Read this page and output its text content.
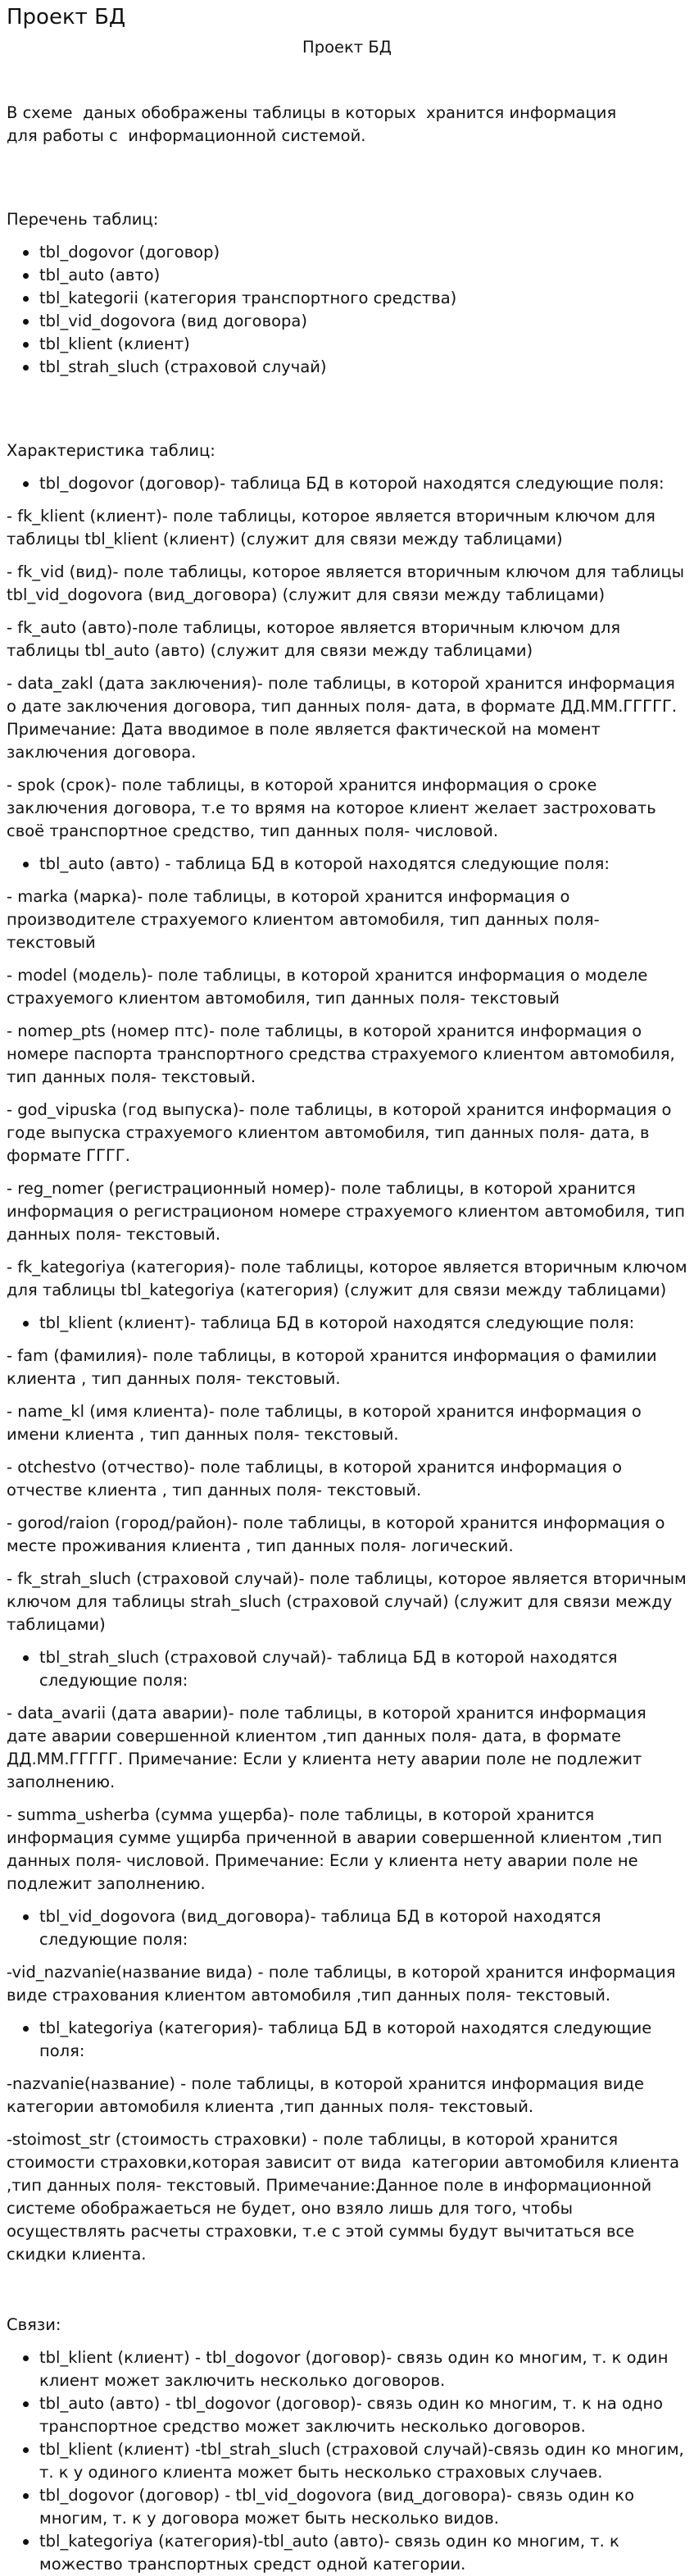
Проект БД
Проект БД

В схеме  даных обображены таблицы в которых  хранится информация
для работы с  информационной системой.

Перечень таблиц:

tbl_dogovor (договор)
tbl_auto (авто)
tbl_kategorii (категория транспортного средства)
tbl_vid_dogovora (вид договора)
tbl_klient (клиент)
tbl_strah_sluch (страховой случай)

Характеристика таблиц:

tbl_dogovor (договор)- таблица БД в которой находятся следующие поля:

- fk_klient (клиент)- поле таблицы, которое является вторичным ключом для таблицы tbl_klient (клиент) (служит для связи между таблицами)

- fk_vid (вид)- поле таблицы, которое является вторичным ключом для таблицы tbl_vid_dogovora (вид_договора) (служит для связи между таблицами)

- fk_auto (авто)-поле таблицы, которое является вторичным ключом для таблицы tbl_auto (авто) (служит для связи между таблицами)

- data_zakl (дата заключения)- поле таблицы, в которой хранится информация о дате заключения договора, тип данных поля- дата, в формате ДД.ММ.ГГГГГ. Примечание: Дата вводимое в поле является фактической на момент заключения договора.

- spok (срок)- поле таблицы, в которой хранится информация о сроке заключения договора, т.е то врямя на которое клиент желает застроховать своё транспортное средство, тип данных поля- числовой.

tbl_auto (авто) - таблица БД в которой находятся следующие поля:

- marka (марка)- поле таблицы, в которой хранится информация о производителе страхуемого клиентом автомобиля, тип данных поля- текстовый

- model (модель)- поле таблицы, в которой хранится информация о моделе страхуемого клиентом автомобиля, тип данных поля- текстовый

- nomep_pts (номер птс)- поле таблицы, в которой хранится информация о номере паспорта транспортного средства страхуемого клиентом автомобиля, тип данных поля- текстовый.

- god_vipuska (год выпуска)- поле таблицы, в которой хранится информация о годе выпуска страхуемого клиентом автомобиля, тип данных поля- дата, в формате ГГГГ.

- reg_nomer (регистрационный номер)- поле таблицы, в которой хранится информация о регистрационом номере страхуемого клиентом автомобиля, тип данных поля- текстовый.

- fk_kategoriya (категория)- поле таблицы, которое является вторичным ключом для таблицы tbl_kategoriya (категория) (служит для связи между таблицами)

tbl_klient (клиент)- таблица БД в которой находятся следующие поля:

- fam (фамилия)- поле таблицы, в которой хранится информация о фамилии клиента , тип данных поля- текстовый.

- name_kl (имя клиента)- поле таблицы, в которой хранится информация о имени клиента , тип данных поля- текстовый.

- otchestvo (отчество)- поле таблицы, в которой хранится информация о отчестве клиента , тип данных поля- текстовый.

- gorod/raion (город/район)- поле таблицы, в которой хранится информация о месте проживания клиента , тип данных поля- логический.

- fk_strah_sluch (страховой случай)- поле таблицы, которое является вторичным ключом для таблицы strah_sluch (страховой случай) (служит для связи между таблицами)

tbl_strah_sluch (страховой случай)- таблица БД в которой находятся следующие поля:

- data_avarii (дата аварии)- поле таблицы, в которой хранится информация дате аварии совершенной клиентом ,тип данных поля- дата, в формате ДД.ММ.ГГГГГ. Примечание: Если у клиента нету аварии поле не подлежит заполнению.

- summa_usherba (сумма ущерба)- поле таблицы, в которой хранится информация сумме ущирба приченной в аварии совершенной клиентом ,тип данных поля- числовой. Примечание: Если у клиента нету аварии поле не подлежит заполнению.

tbl_vid_dogovora (вид_договора)- таблица БД в которой находятся следующие поля:

-vid_nazvanie(название вида) - поле таблицы, в которой хранится информация виде страхования клиентом автомобиля ,тип данных поля- текстовый.

tbl_kategoriya (категория)- таблица БД в которой находятся следующие поля:

-nazvanie(название) - поле таблицы, в которой хранится информация виде категории автомобиля клиента ,тип данных поля- текстовый.

-stoimost_str (стоимость страховки) - поле таблицы, в которой хранится стоимости страховки,которая зависит от вида  категории автомобиля клиента ,тип данных поля- текстовый. Примечание:Данное поле в информационной системе обображаеться не будет, оно взяло лишь для того, чтобы осуществлять расчеты страховки, т.е с этой суммы будут вычитаться все скидки клиента.

Связи:

tbl_klient (клиент) - tbl_dogovor (договор)- связь один ко многим, т. к один клиент может заключить несколько договоров.
tbl_auto (авто) - tbl_dogovor (договор)- связь один ко многим, т. к на одно транспортное средство может заключить несколько договоров.
tbl_klient (клиент) -tbl_strah_sluch (страховой случай)-связь один ко многим, т. к у одиного клиента может быть несколько страховых случаев.
tbl_dogovor (договор) - tbl_vid_dogovora (вид_договора)- связь один ко многим, т. к у договора может быть несколько видов.
tbl_kategoriya (категория)-tbl_auto (авто)- связь один ко многим, т. к можество транспортных средст одной категории.
